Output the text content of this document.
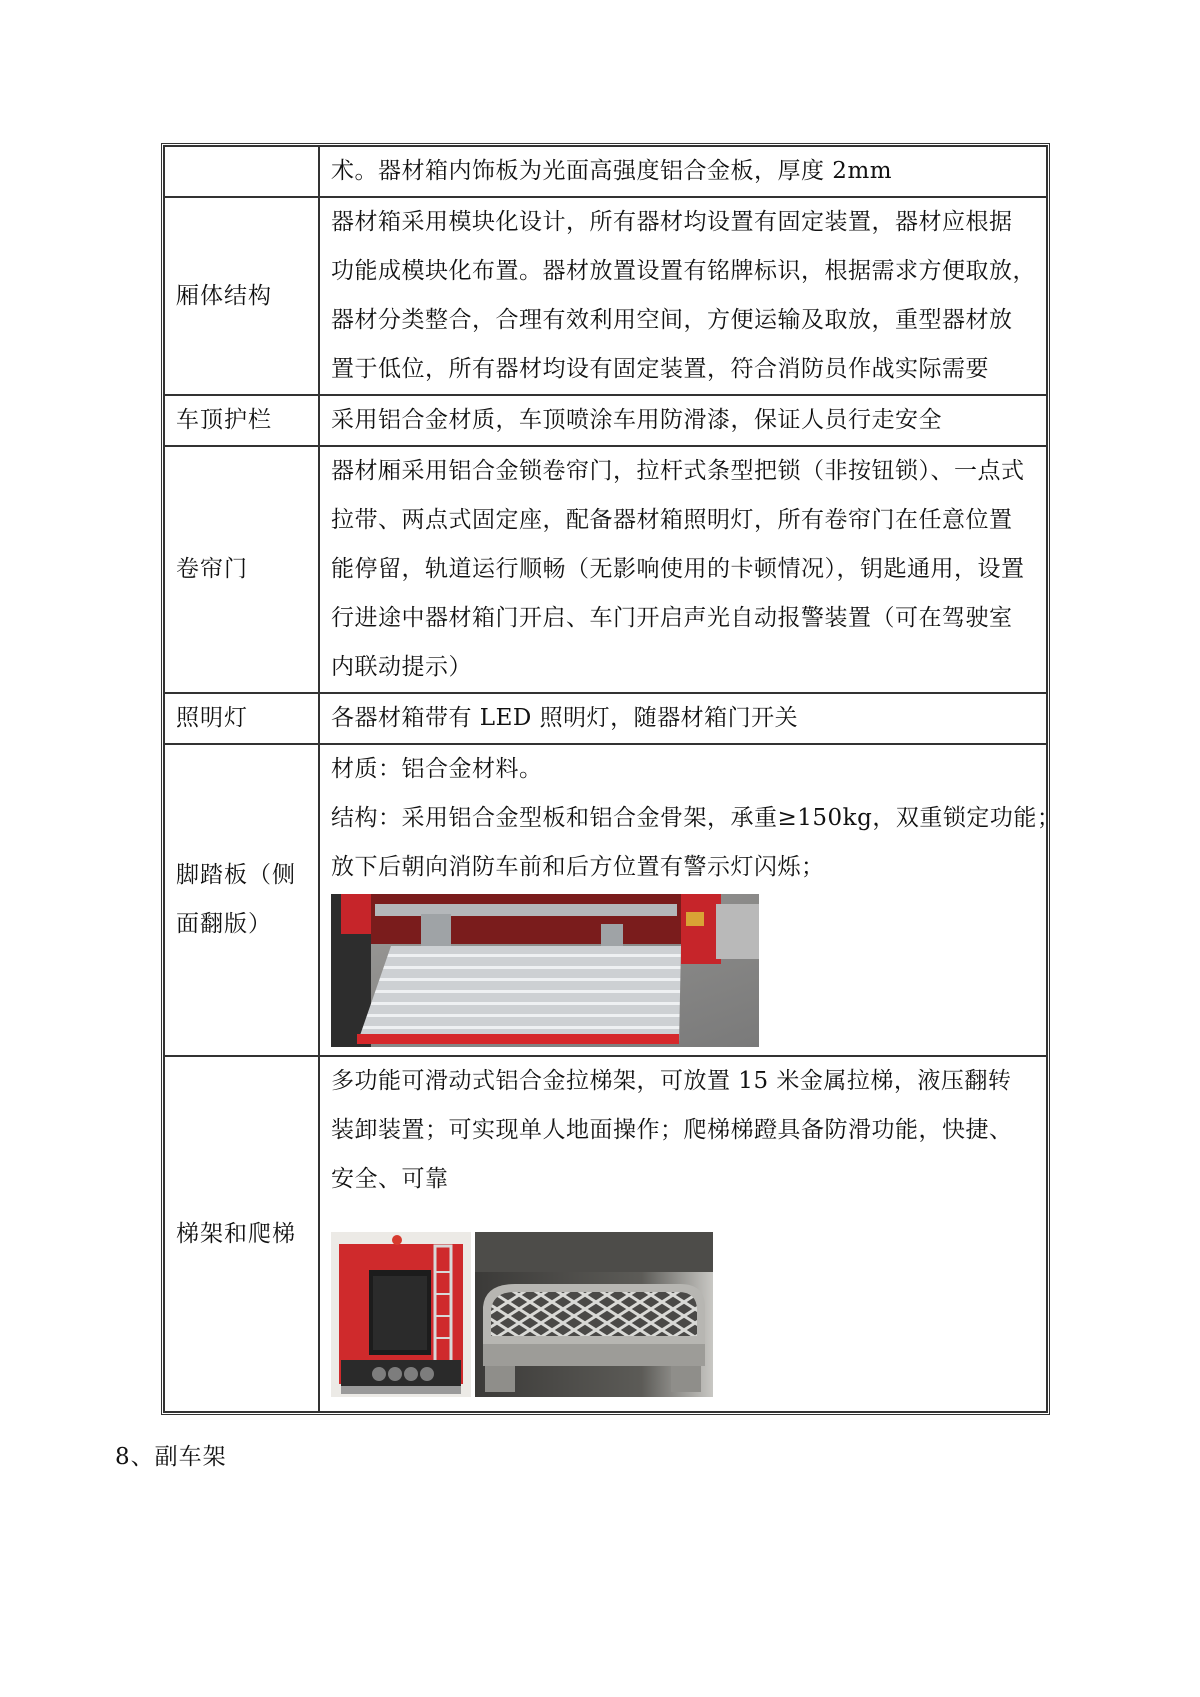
	术。器材箱内饰板为光面高强度铝合金板，厚度 2mm

厢体结构	器材箱采用模块化设计，所有器材均设置有固定装置，器材应根据
功能成模块化布置。器材放置设置有铭牌标识，根据需求方便取放，
器材分类整合，合理有效利用空间，方便运输及取放，重型器材放
置于低位，所有器材均设有固定装置，符合消防员作战实际需要

车顶护栏	采用铝合金材质，车顶喷涂车用防滑漆，保证人员行走安全

卷帘门	器材厢采用铝合金锁卷帘门，拉杆式条型把锁（非按钮锁）、一点式
拉带、两点式固定座，配备器材箱照明灯，所有卷帘门在任意位置
能停留，轨道运行顺畅（无影响使用的卡顿情况），钥匙通用，设置
行进途中器材箱门开启、车门开启声光自动报警装置（可在驾驶室
内联动提示）

照明灯	各器材箱带有 LED 照明灯，随器材箱门开关

脚踏板（侧
面翻版）	材质：铝合金材料。
结构：采用铝合金型板和铝合金骨架，承重≥150kg，双重锁定功能；
放下后朝向消防车前和后方位置有警示灯闪烁；

梯架和爬梯	多功能可滑动式铝合金拉梯架，可放置 15 米金属拉梯，液压翻转
装卸装置；可实现单人地面操作；爬梯梯蹬具备防滑功能，快捷、
安全、可靠
8、副车架
